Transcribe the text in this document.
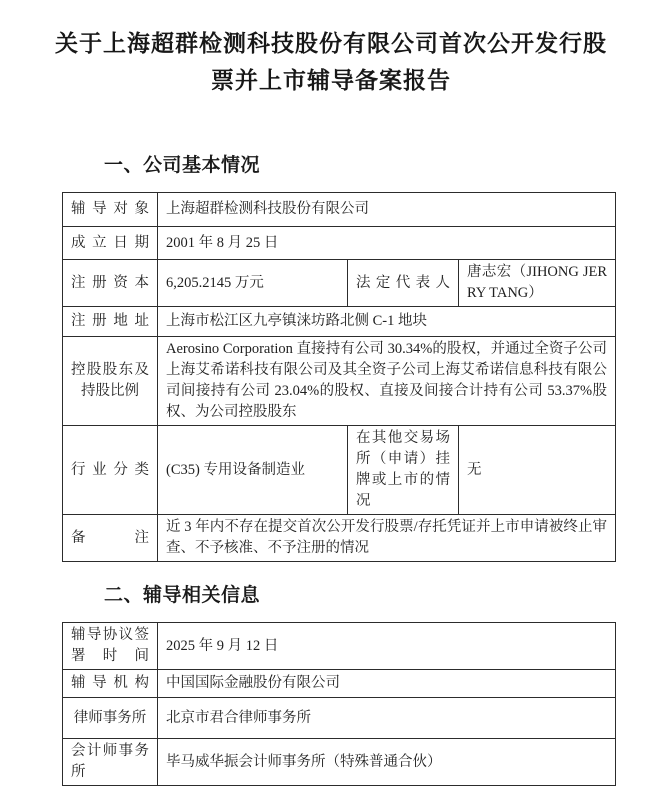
关于上海超群检测科技股份有限公司首次公开发行股
票并上市辅导备案报告
一、公司基本情况
辅导对象	上海超群检测科技股份有限公司		
成立日期	2001 年 8 月 25 日		
注册资本	6,205.2145 万元	法定代表人	唐志宏（JIHONG JERRY TANG）
注册地址	上海市松江区九亭镇涞坊路北侧 C-1 地块		
控股股东及持股比例	Aerosino Corporation 直接持有公司 30.34%的股权，并通过全资子公司上海艾希诺科技有限公司及其全资子公司上海艾希诺信息科技有限公司间接持有公司 23.04%的股权、直接及间接合计持有公司 53.37%股权、为公司控股股东		
行业分类	(C35) 专用设备制造业	在其他交易场所（申请）挂牌或上市的情况	无
备注	近 3 年内不存在提交首次公开发行股票/存托凭证并上市申请被终止审查、不予核准、不予注册的情况		
二、辅导相关信息
辅导协议签署时间	2025 年 9 月 12 日
辅导机构	中国国际金融股份有限公司
律师事务所	北京市君合律师事务所
会计师事务所	毕马威华振会计师事务所（特殊普通合伙）
